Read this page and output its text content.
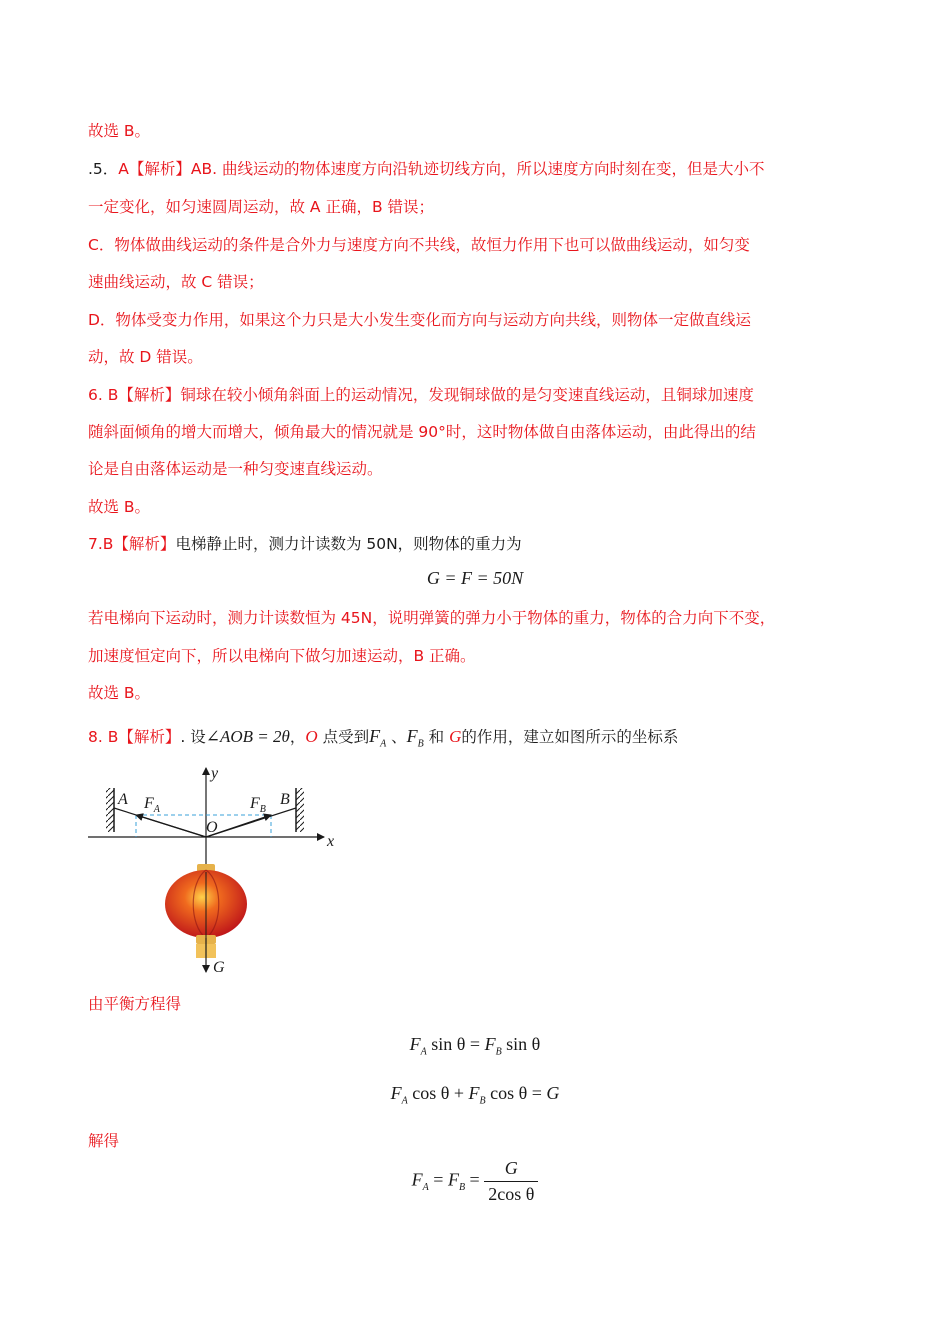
故选 B。
.5．A【解析】AB. 曲线运动的物体速度方向沿轨迹切线方向，所以速度方向时刻在变，但是大小不
一定变化，如匀速圆周运动，故 A 正确，B 错误；
C．物体做曲线运动的条件是合外力与速度方向不共线，故恒力作用下也可以做曲线运动，如匀变
速曲线运动，故 C 错误；
D．物体受变力作用，如果这个力只是大小发生变化而方向与运动方向共线，则物体一定做直线运
动，故 D 错误。
6. B【解析】铜球在较小倾角斜面上的运动情况，发现铜球做的是匀变速直线运动，且铜球加速度
随斜面倾角的增大而增大，倾角最大的情况就是 90°时，这时物体做自由落体运动，由此得出的结
论是自由落体运动是一种匀变速直线运动。
故选 B。
7.B【解析】电梯静止时，测力计读数为 50N，则物体的重力为
G = F = 50N
若电梯向下运动时，测力计读数恒为 45N，说明弹簧的弹力小于物体的重力，物体的合力向下不变，
加速度恒定向下，所以电梯向下做匀加速运动，B 正确。
故选 B。
8. B【解析】. 设∠AOB = 2θ，O 点受到$F_A$ 、$F_B$ 和 G的作用，建立如图所示的坐标系
y
x
O
A	B
$F_A$	$F_B$
G
由平衡方程得
$F_A$ $\sin \theta = F_B$ sin θ
$F_A$ $\cos \theta + F_B$ cos θ = G
解得
$F_A = F_B = \frac{G}{\text{2cos θ}}$
